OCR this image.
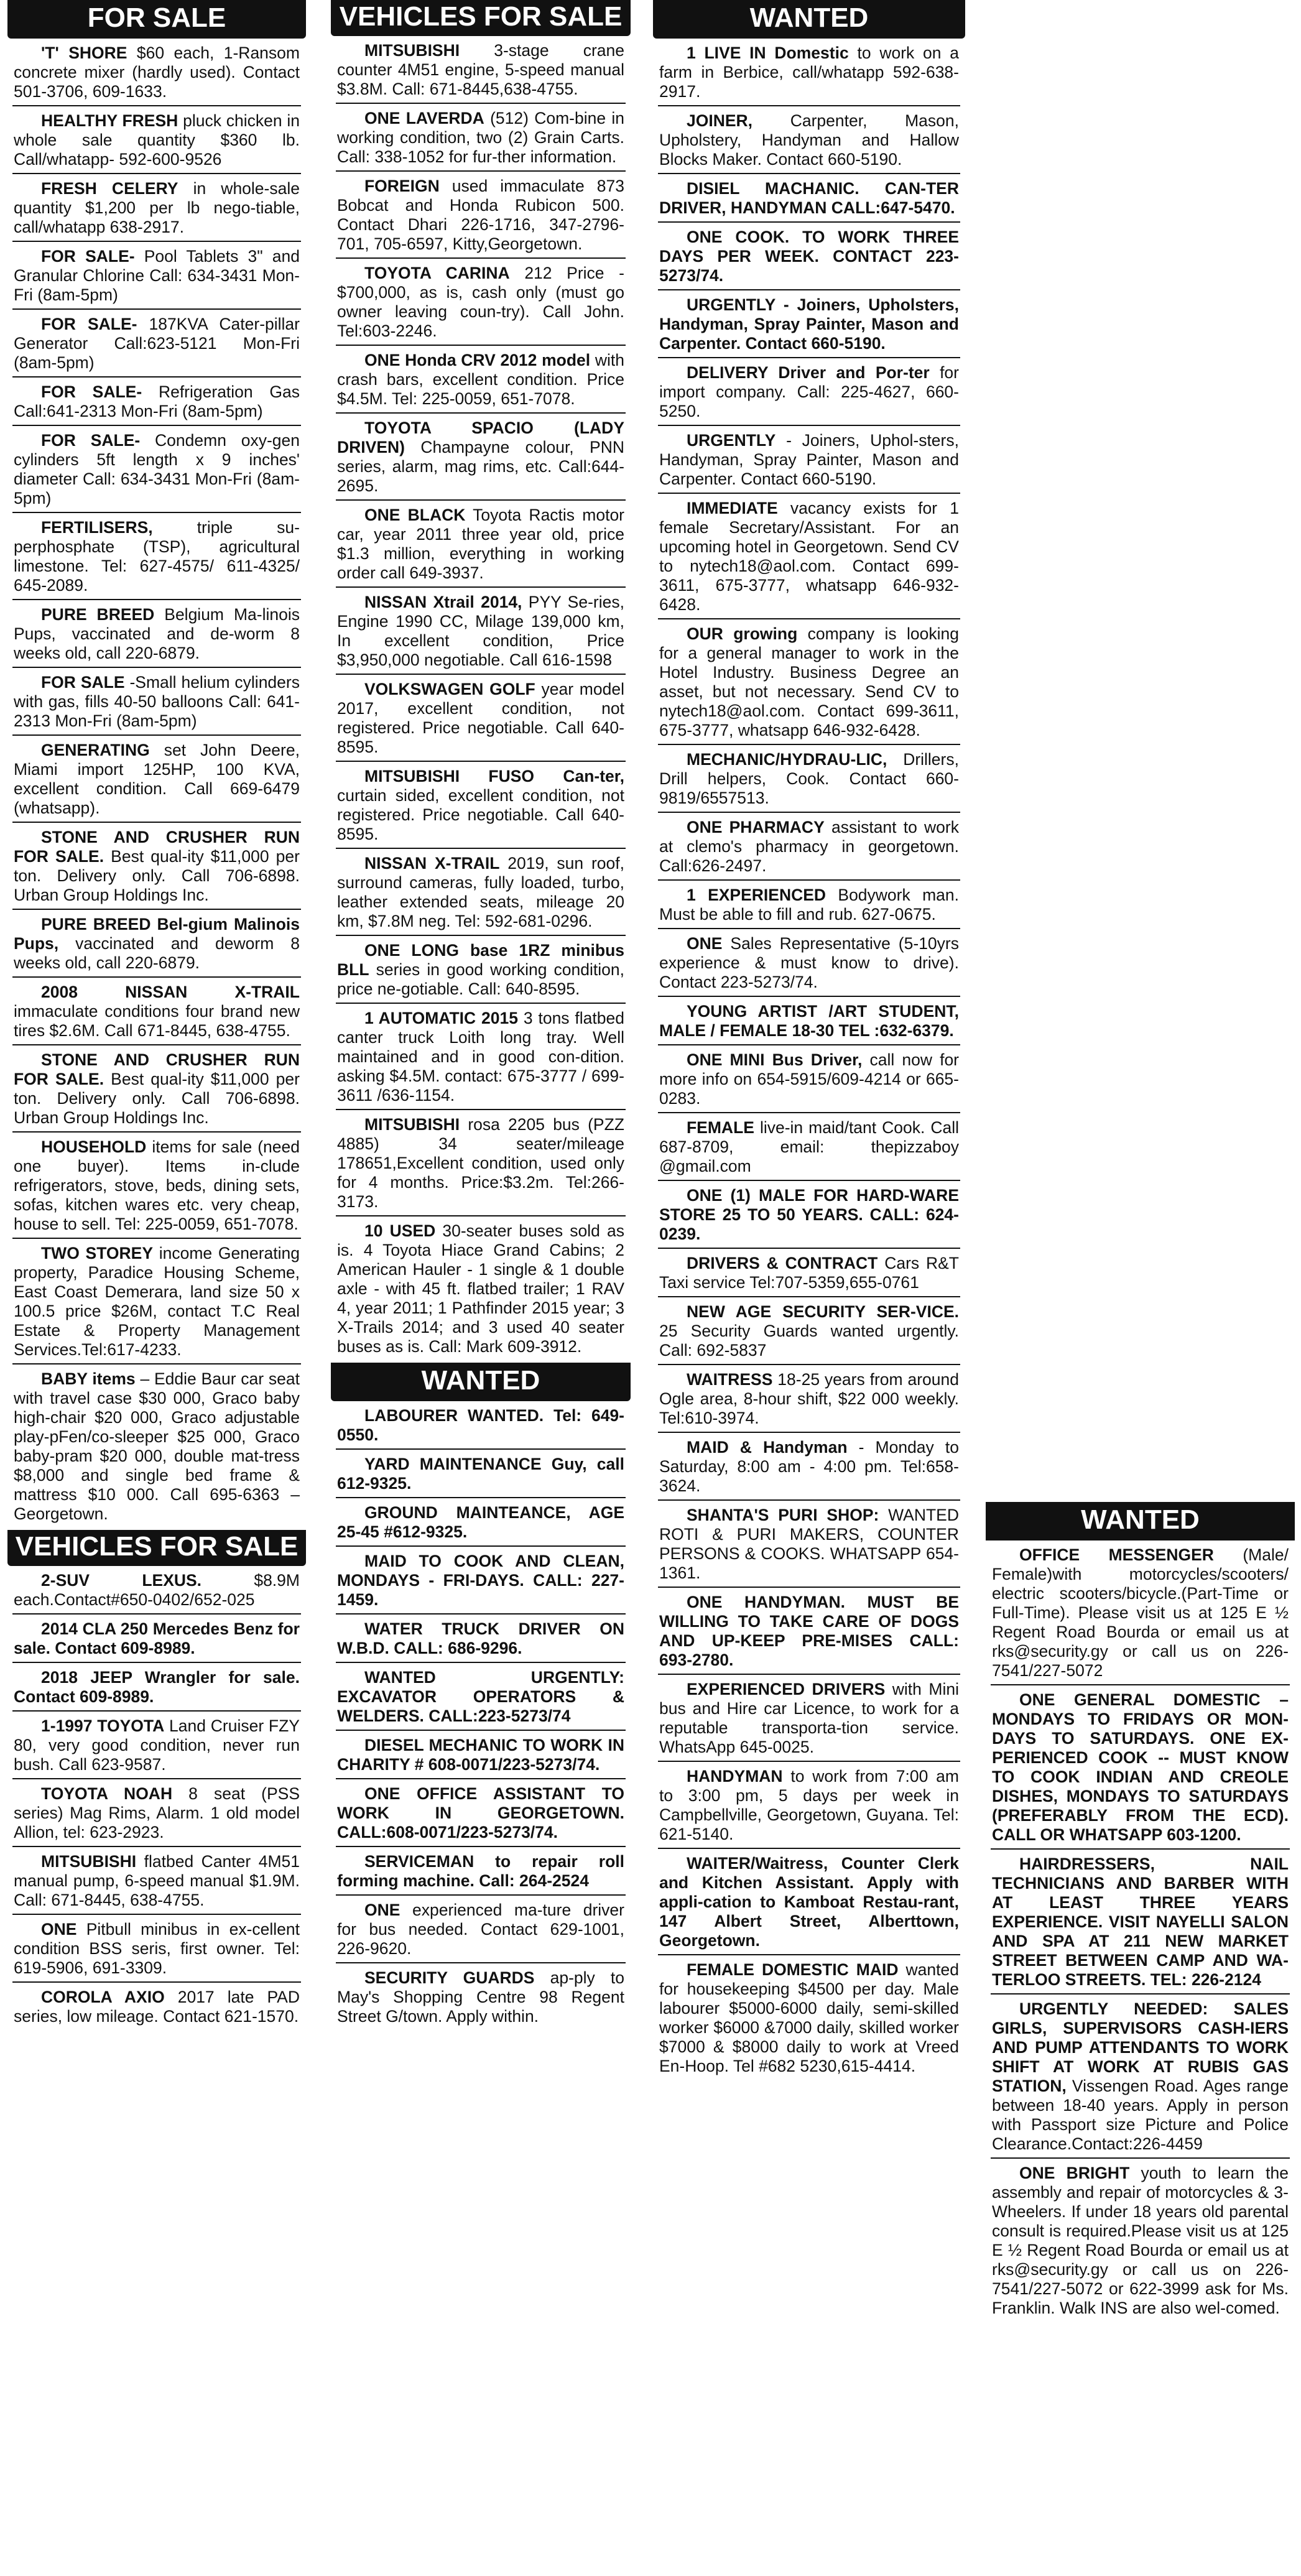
FOR SALE
'T' SHORE $60 each, 1-Ransom concrete mixer (hardly used). Contact 501-3706, 609-1633.
HEALTHY FRESH pluck chicken in whole sale quantity $360 lb. Call/whatapp- 592-600-9526
FRESH CELERY in whole-sale quantity $1,200 per lb nego-tiable, call/whatapp 638-2917.
FOR SALE- Pool Tablets 3" and Granular Chlorine Call: 634-3431 Mon-Fri (8am-5pm)
FOR SALE- 187KVA Cater-pillar Generator Call:623-5121 Mon-Fri (8am-5pm)
FOR SALE- Refrigeration Gas Call:641-2313 Mon-Fri (8am-5pm)
FOR SALE- Condemn oxy-gen cylinders 5ft length x 9 inches' diameter Call: 634-3431 Mon-Fri (8am-5pm)
FERTILISERS,	triple su-perphosphate (TSP), agricultural limestone. Tel: 627-4575/ 611-4325/ 645-2089.
PURE BREED Belgium Ma-linois Pups, vaccinated and de-worm 8 weeks old, call 220-6879.
FOR SALE -Small helium cylinders with gas, fills 40-50 balloons Call: 641-2313 Mon-Fri (8am-5pm)
GENERATING set John Deere, Miami import 125HP, 100 KVA, excellent condition. Call 669-6479 (whatsapp).
STONE AND CRUSHER RUN FOR SALE. Best qual-ity $11,000 per ton. Delivery only. Call 706-6898. Urban Group Holdings Inc.
PURE BREED Bel-gium Malinois Pups, vaccinated and deworm 8 weeks old, call 220-6879.
2008 NISSAN X-TRAIL immaculate conditions four brand new tires $2.6M. Call 671-8445, 638-4755.
STONE AND CRUSHER RUN FOR SALE. Best qual-ity $11,000 per ton. Delivery only. Call 706-6898. Urban Group Holdings Inc.
HOUSEHOLD items for sale (need one buyer). Items in-clude refrigerators, stove, beds, dining sets, sofas, kitchen wares etc. very cheap, house to sell. Tel: 225-0059, 651-7078.
TWO STOREY income Generating property, Paradice Housing Scheme, East Coast Demerara, land size 50 x 100.5 price $26M, contact T.C Real Estate & Property Management Services.Tel:617-4233.
BABY items – Eddie Baur car seat with travel case $30 000, Graco baby high-chair $20 000, Graco adjustable play-pFen/co-sleeper $25 000, Graco baby-pram $20 000, double mat-tress $8,000 and single bed frame & mattress $10 000. Call 695-6363 – Georgetown.
VEHICLES FOR SALE
2-SUV LEXUS.	$8.9M each.Contact#650-0402/652-025
2014 CLA 250 Mercedes Benz for sale. Contact 609-8989.
2018 JEEP Wrangler for sale. Contact 609-8989.
1-1997 TOYOTA Land Cruiser FZY 80, very good condition, never run bush. Call 623-9587.
TOYOTA NOAH 8 seat (PSS series) Mag Rims, Alarm. 1 old model Allion, tel: 623-2923.
MITSUBISHI flatbed Canter 4M51 manual pump, 6-speed manual $1.9M. Call: 671-8445, 638-4755.
ONE Pitbull minibus in ex-cellent condition BSS seris, first owner. Tel: 619-5906, 691-3309.
COROLA AXIO 2017 late PAD series, low mileage. Contact 621-1570.
VEHICLES FOR SALE
MITSUBISHI 3-stage crane counter 4M51 engine, 5-speed manual $3.8M. Call: 671-8445,638-4755.
ONE LAVERDA (512) Com-bine in working condition, two (2) Grain Carts. Call: 338-1052 for fur-ther information.
FOREIGN used immaculate 873 Bobcat and Honda Rubicon 500. Contact Dhari 226-1716, 347-2796-701, 705-6597, Kitty,Georgetown.
TOYOTA CARINA 212 Price - $700,000, as is, cash only (must go owner leaving coun-try). Call John. Tel:603-2246.
ONE Honda CRV 2012 model with crash bars, excellent condition. Price $4.5M. Tel: 225-0059, 651-7078.
TOYOTA SPACIO (LADY DRIVEN) Champayne colour, PNN series, alarm, mag rims, etc. Call:644-2695.
ONE BLACK Toyota Ractis motor car, year 2011 three year old, price $1.3 million, everything in working order call 649-3937.
NISSAN Xtrail 2014, PYY Se-ries, Engine 1990 CC, Milage 139,000 km, In excellent condition, Price $3,950,000 negotiable. Call 616-1598
VOLKSWAGEN GOLF year model 2017, excellent condition, not registered. Price negotiable. Call 640-8595.
MITSUBISHI FUSO Can-ter, curtain sided, excellent condition, not registered. Price negotiable. Call 640-8595.
NISSAN X-TRAIL 2019, sun roof, surround cameras, fully loaded, turbo, leather extended seats, mileage 20 km, $7.8M neg. Tel: 592-681-0296.
ONE LONG base 1RZ minibus BLL series in good working condition, price ne-gotiable. Call: 640-8595.
1 AUTOMATIC 2015 3 tons flatbed canter truck Loith long tray. Well maintained and in good con-dition. asking $4.5M. contact: 675-3777 / 699-3611 /636-1154.
MITSUBISHI rosa 2205 bus (PZZ 4885) 34 seater/mileage 178651,Excellent condition, used only for 4 months. Price:$3.2m. Tel:266-3173.
10 USED 30-seater buses sold as is. 4 Toyota Hiace Grand Cabins; 2 American Hauler - 1 single & 1 double axle - with 45 ft. flatbed trailer; 1 RAV 4, year 2011; 1 Pathfinder 2015 year; 3 X-Trails 2014; and 3 used 40 seater buses as is. Call: Mark 609-3912.
WANTED
LABOURER WANTED. Tel: 649-0550.
YARD MAINTENANCE Guy, call 612-9325.
GROUND MAINTEANCE, AGE 25-45 #612-9325.
MAID TO COOK AND CLEAN, MONDAYS - FRI-DAYS. CALL: 227-1459.
WATER TRUCK DRIVER ON W.B.D. CALL: 686-9296.
WANTED URGENTLY: EXCAVATOR OPERATORS & WELDERS. CALL:223-5273/74
DIESEL MECHANIC TO WORK IN CHARITY # 608-0071/223-5273/74.
ONE OFFICE ASSISTANT TO WORK IN GEORGETOWN. CALL:608-0071/223-5273/74.
SERVICEMAN to repair roll forming machine. Call: 264-2524
ONE experienced ma-ture driver for bus needed. Contact 629-1001, 226-9620.
SECURITY GUARDS ap-ply to May's Shopping Centre 98 Regent Street G/town. Apply within.
WANTED
1 LIVE IN Domestic to work on a farm in Berbice, call/whatapp 592-638-2917.
JOINER, Carpenter, Mason, Upholstery, Handyman and Hallow Blocks Maker. Contact 660-5190.
DISIEL MACHANIC. CAN-TER DRIVER, HANDYMAN CALL:647-5470.
ONE COOK. TO WORK THREE DAYS PER WEEK. CONTACT 223-5273/74.
URGENTLY - Joiners, Upholsters, Handyman, Spray Painter, Mason and Carpenter. Contact 660-5190.
DELIVERY Driver and Por-ter for import company. Call: 225-4627, 660-5250.
URGENTLY - Joiners, Uphol-sters, Handyman, Spray Painter, Mason and Carpenter. Contact 660-5190.
IMMEDIATE vacancy exists for 1 female Secretary/Assistant. For an upcoming hotel in Georgetown. Send CV to nytech18@aol.com. Contact 699-3611, 675-3777, whatsapp 646-932-6428.
OUR growing company is looking for a general manager to work in the Hotel Industry. Business Degree an asset, but not necessary. Send CV to nytech18@aol.com. Contact 699-3611, 675-3777, whatsapp 646-932-6428.
MECHANIC/HYDRAU-LIC, Drillers, Drill helpers, Cook. Contact 660-9819/6557513.
ONE PHARMACY assistant to work at clemo's pharmacy in georgetown. Call:626-2497.
1 EXPERIENCED Bodywork man. Must be able to fill and rub. 627-0675.
ONE Sales Representative (5-10yrs experience & must know to drive). Contact 223-5273/74.
YOUNG ARTIST /ART STUDENT, MALE / FEMALE 18-30 TEL :632-6379.
ONE MINI Bus Driver, call now for more info on 654-5915/609-4214 or 665-0283.
FEMALE live-in maid/tant Cook. Call 687-8709, email: thepizzaboy @gmail.com
ONE (1) MALE FOR HARD-WARE STORE 25 TO 50 YEARS. CALL: 624-0239.
DRIVERS & CONTRACT Cars R&T Taxi service Tel:707-5359,655-0761
NEW AGE SECURITY SER-VICE. 25 Security Guards wanted urgently. Call: 692-5837
WAITRESS 18-25 years from around Ogle area, 8-hour shift, $22 000 weekly. Tel:610-3974.
MAID & Handyman - Monday to Saturday, 8:00 am - 4:00 pm. Tel:658-3624.
SHANTA'S PURI SHOP: WANTED ROTI & PURI MAKERS, COUNTER PERSONS & COOKS. WHATSAPP 654-1361.
ONE HANDYMAN. MUST BE WILLING TO TAKE CARE OF DOGS AND UP-KEEP PRE-MISES CALL: 693-2780.
EXPERIENCED DRIVERS with Mini bus and Hire car Licence, to work for a reputable transporta-tion service. WhatsApp 645-0025.
HANDYMAN to work from 7:00 am to 3:00 pm, 5 days per week in Campbellville, Georgetown, Guyana. Tel: 621-5140.
WAITER/Waitress, Counter Clerk and Kitchen Assistant. Apply with appli-cation to Kamboat Restau-rant, 147 Albert Street, Alberttown, Georgetown.
FEMALE DOMESTIC MAID wanted for housekeeping $4500 per day. Male labourer $5000-6000 daily, semi-skilled worker $6000 &7000 daily, skilled worker $7000 & $8000 daily to work at Vreed En-Hoop. Tel #682 5230,615-4414.
WANTED
OFFICE MESSENGER (Male/ Female)with motorcycles/scooters/ electric scooters/bicycle.(Part-Time or Full-Time). Please visit us at 125 E ½ Regent Road Bourda or email us at rks@security.gy or call us on 226-7541/227-5072
ONE GENERAL DOMESTIC – MONDAYS TO FRIDAYS OR MON-DAYS TO SATURDAYS. ONE EX-PERIENCED COOK -- MUST KNOW TO COOK INDIAN AND CREOLE DISHES, MONDAYS TO SATURDAYS (PREFERABLY FROM THE ECD). CALL OR WHATSAPP 603-1200.
HAIRDRESSERS, NAIL TECHNICIANS AND BARBER WITH AT LEAST THREE YEARS EXPERIENCE. VISIT NAYELLI SALON AND SPA AT 211 NEW MARKET STREET BETWEEN CAMP AND WA-TERLOO STREETS. TEL: 226-2124
URGENTLY NEEDED: SALES GIRLS, SUPERVISORS CASH-IERS AND PUMP ATTENDANTS TO WORK SHIFT AT WORK AT RUBIS GAS STATION, Vissengen Road. Ages range between 18-40 years. Apply in person with Passport size Picture and Police Clearance.Contact:226-4459
ONE BRIGHT youth to learn the assembly and repair of motorcycles & 3-Wheelers. If under 18 years old parental consult is required.Please visit us at 125 E ½ Regent Road Bourda or email us at rks@security.gy or call us on 226-7541/227-5072 or 622-3999 ask for Ms. Franklin. Walk INS are also wel-comed.
